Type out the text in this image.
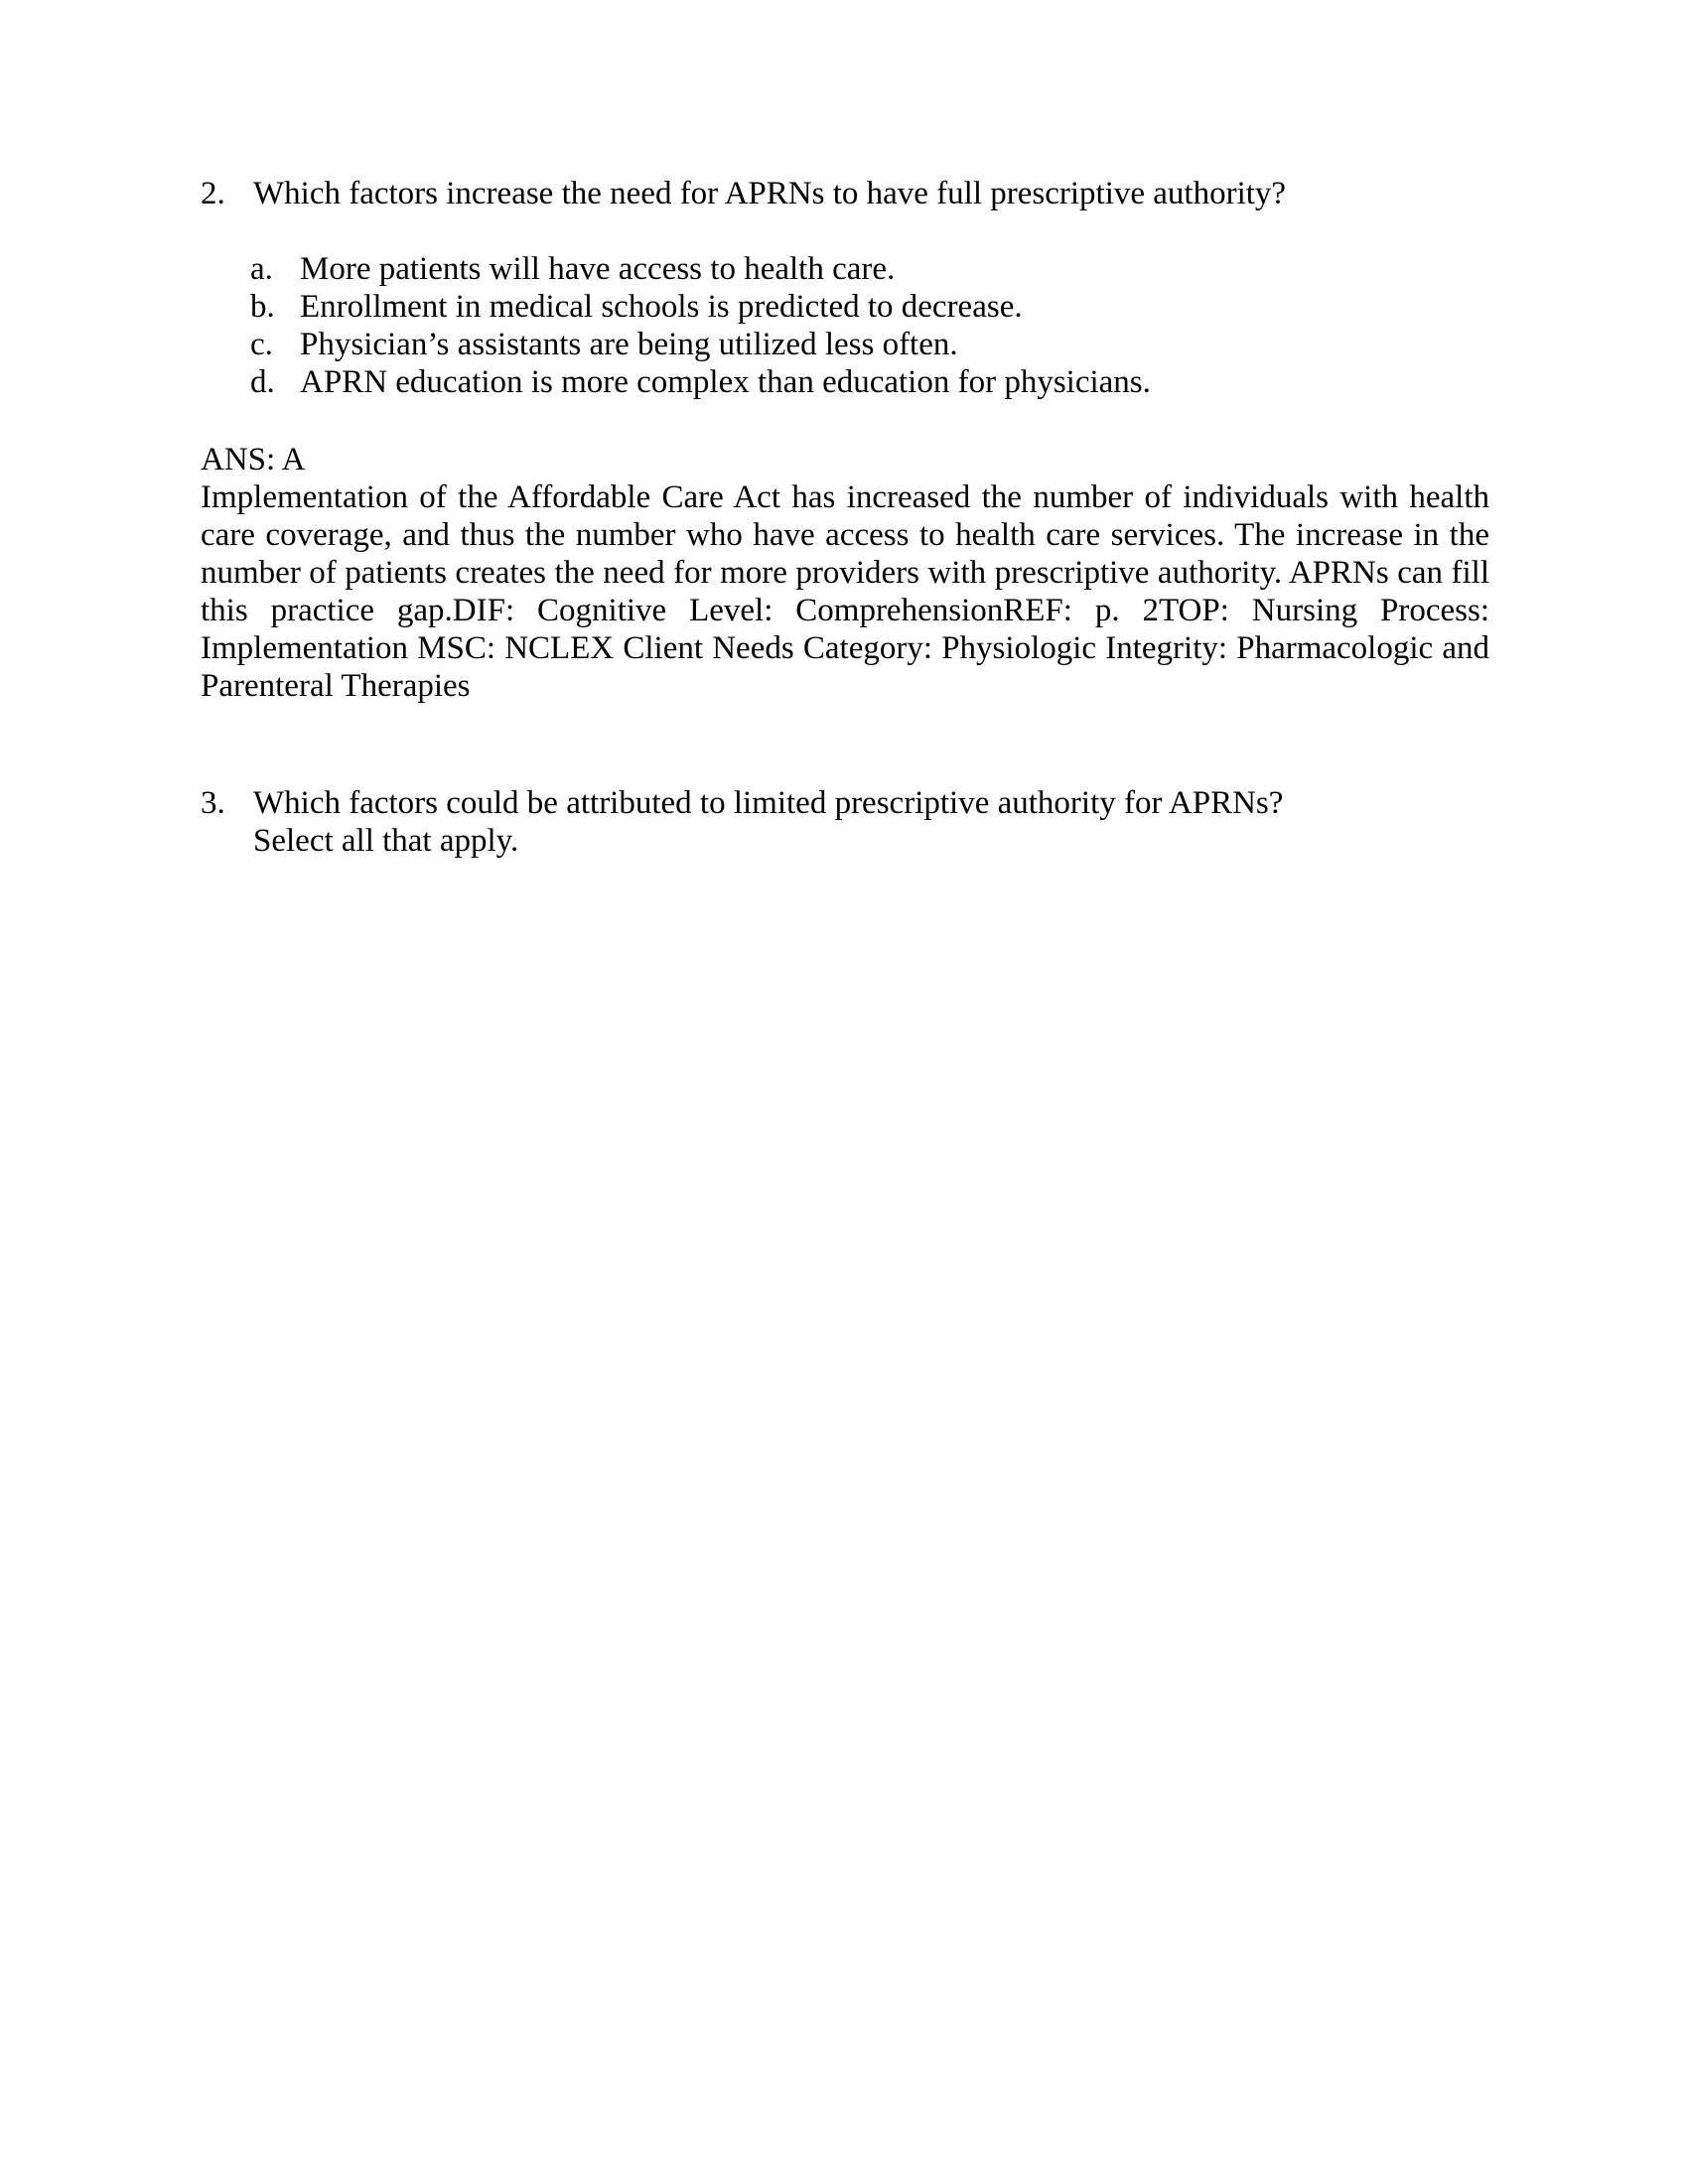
2. Which factors increase the need for APRNs to have full prescriptive authority?
a. More patients will have access to health care.
b. Enrollment in medical schools is predicted to decrease.
c. Physician’s assistants are being utilized less often.
d. APRN education is more complex than education for physicians.
ANS: A
Implementation of the Affordable Care Act has increased the number of individuals with health
care coverage, and thus the number who have access to health care services. The increase in the
number of patients creates the need for more providers with prescriptive authority. APRNs can fill
this practice gap.DIF: Cognitive Level: ComprehensionREF: p. 2TOP: Nursing Process:
Implementation MSC: NCLEX Client Needs Category: Physiologic Integrity: Pharmacologic and
Parenteral Therapies
3. Which factors could be attributed to limited prescriptive authority for APRNs?
Select all that apply.
